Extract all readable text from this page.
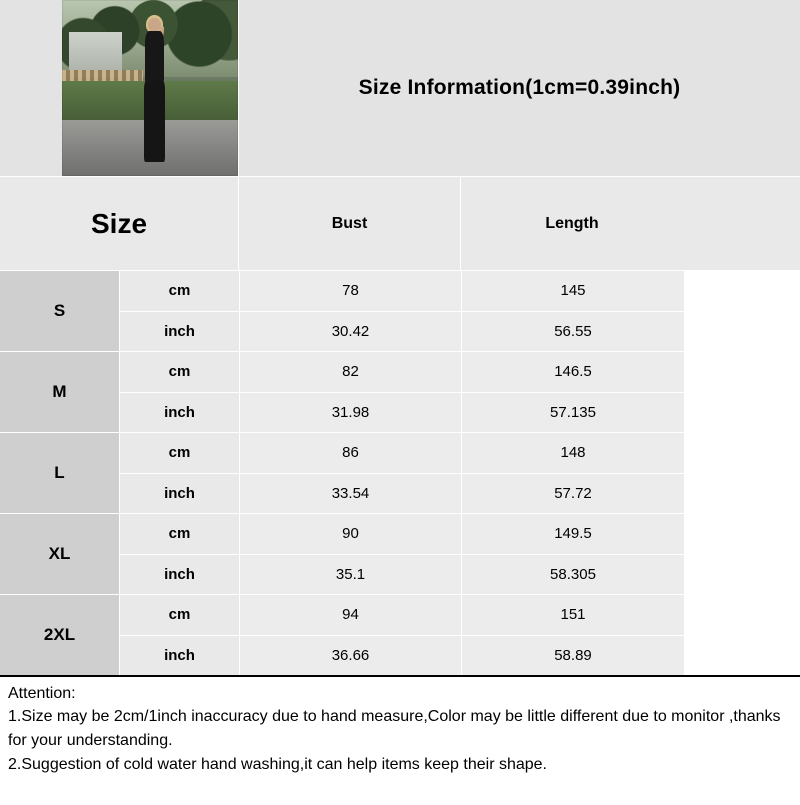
Size Information(1cm=0.39inch)
Size	Bust	Length
S
cm	78	145
inch	30.42	56.55
M
cm	82	146.5
inch	31.98	57.135
L
cm	86	148
inch	33.54	57.72
XL
cm	90	149.5
inch	35.1	58.305
2XL
cm	94	151
inch	36.66	58.89
Attention:

1.Size may be 2cm/1inch inaccuracy due to hand measure,Color may be little different due to monitor ,thanks for your understanding.

2.Suggestion of cold water hand washing,it can help items keep their shape.
